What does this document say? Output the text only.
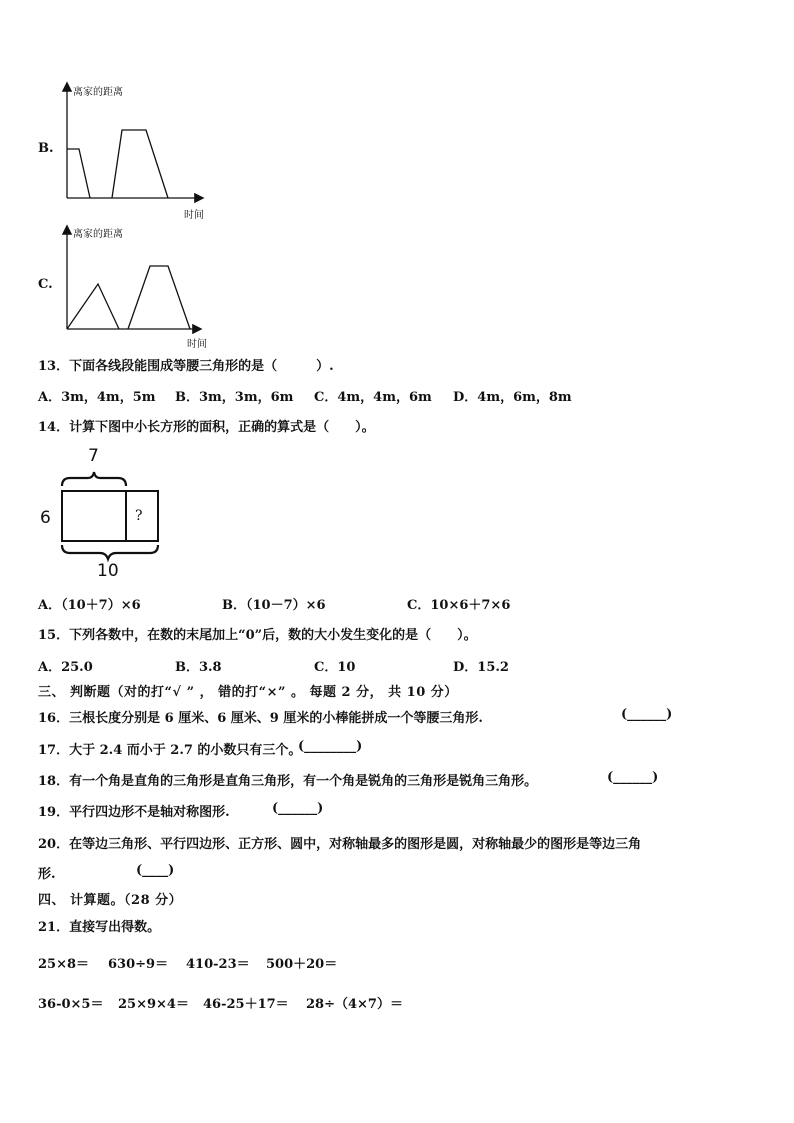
B.
离家的距离
时间
C.
离家的距离
时间
13．下面各线段能围成等腰三角形的是（　　　）.
A．3m，4m，5m B．3m，3m，6m C．4m，4m，6m D．4m，6m，8m
14．计算下图中小长方形的面积，正确的算式是（　　）。
7
6
10
?
A．（10＋7）×6	B．（10－7）×6	C．10×6＋7×6
15．下列各数中，在数的末尾加上“0”后，数的大小发生变化的是（　　）。
A．25.0	B．3.8	C．10	D．15.2
三、 判断题（对的打“√ ” ， 错的打“×” 。 每题 2 分， 共 10 分）
16．三根长度分别是 6 厘米、6 厘米、9 厘米的小棒能拼成一个等腰三角形.	(______)
17．大于 2.4 而小于 2.7 的小数只有三个。
(________)
18．有一个角是直角的三角形是直角三角形，有一个角是锐角的三角形是锐角三角形。	(______)
19．平行四边形不是轴对称图形.	(______)
20．在等边三角形、平行四边形、正方形、圆中，对称轴最多的图形是圆，对称轴最少的图形是等边三角
形.	(____)
四、 计算题。（28 分）
21．直接写出得数。
25×8＝ 630÷9＝ 410-23＝ 500＋20＝
36-0×5＝ 25×9×4＝ 46-25＋17＝ 28÷（4×7）＝
